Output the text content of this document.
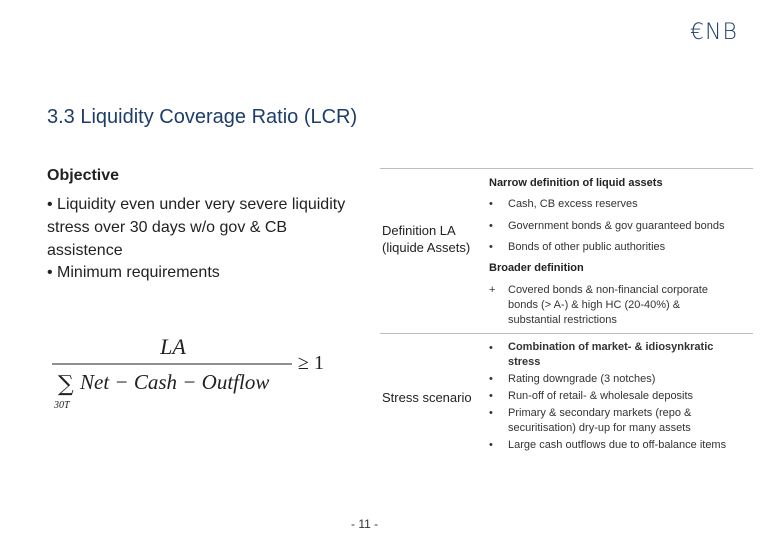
€NB
3.3 Liquidity Coverage Ratio (LCR)
Objective
• Liquidity even under very severe liquidity stress over 30 days w/o gov & CB assistence
• Minimum requirements
LA
∑ Net − Cash − Outflow
30T
≥ 1
Definition LA
(liquide Assets)
Narrow definition of liquid assets
•	Cash, CB excess reserves
•	Government bonds & gov guaranteed bonds
•	Bonds of other public authorities
Broader definition
+	Covered bonds & non-financial corporate bonds (> A-) & high HC (20-40%) & substantial restrictions
Stress scenario
•	Combination of market- & idiosynkratic stress
•	Rating downgrade (3 notches)
•	Run-off of retail- & wholesale deposits
•	Primary & secondary markets (repo & securitisation) dry-up for many assets
•	Large cash outflows due to off-balance items
- 11 -
